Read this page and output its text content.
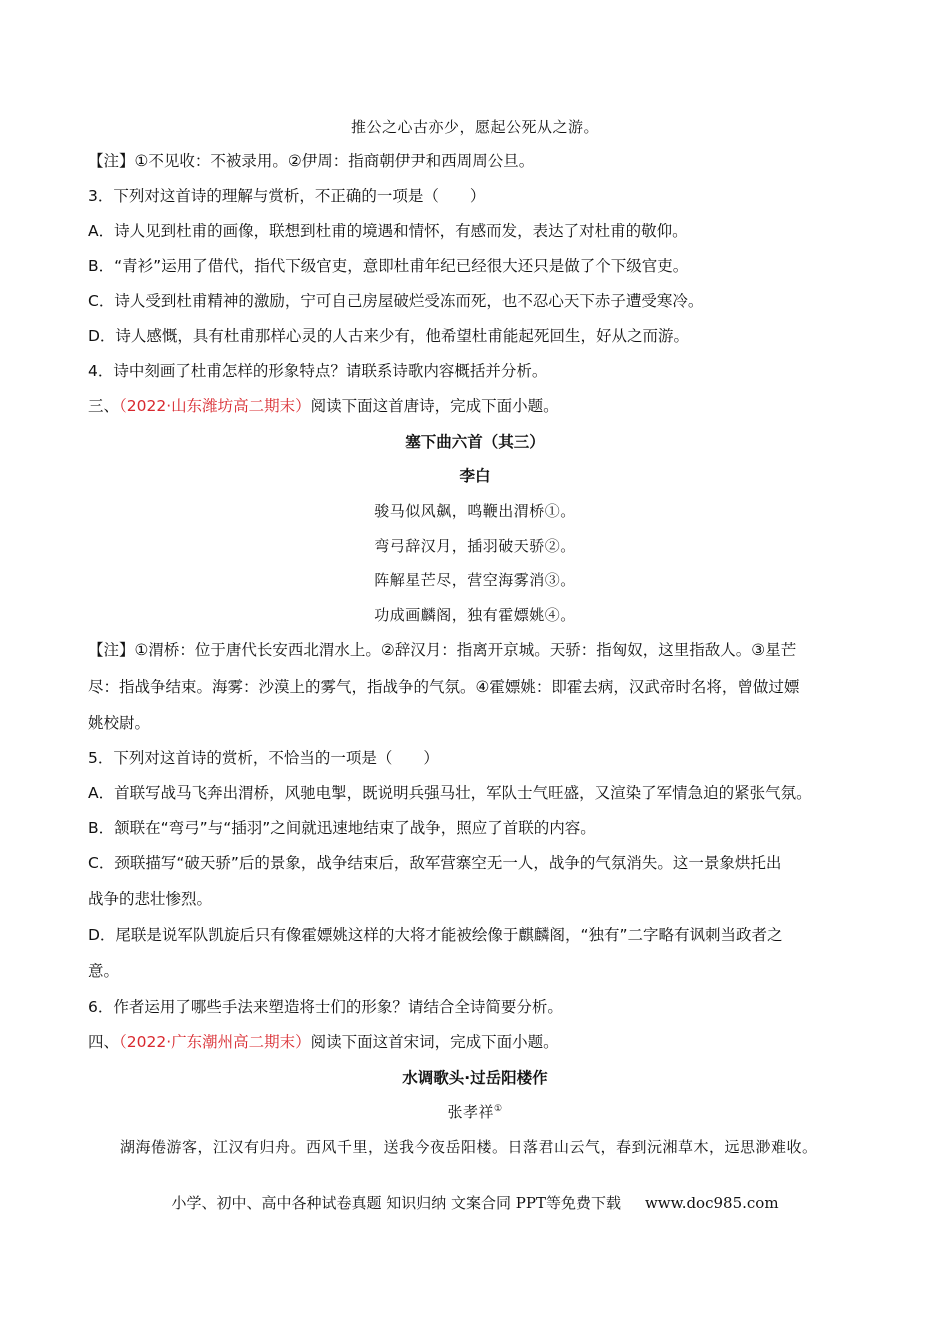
推公之心古亦少，愿起公死从之游。
【注】①不见收：不被录用。②伊周：指商朝伊尹和西周周公旦。
3．下列对这首诗的理解与赏析，不正确的一项是（　　）
A．诗人见到杜甫的画像，联想到杜甫的境遇和情怀，有感而发，表达了对杜甫的敬仰。
B．“青衫”运用了借代，指代下级官吏，意即杜甫年纪已经很大还只是做了个下级官吏。
C．诗人受到杜甫精神的激励，宁可自己房屋破烂受冻而死，也不忍心天下赤子遭受寒冷。
D．诗人感慨，具有杜甫那样心灵的人古来少有，他希望杜甫能起死回生，好从之而游。
4．诗中刻画了杜甫怎样的形象特点？请联系诗歌内容概括并分析。
三、（2022·山东潍坊高二期末）阅读下面这首唐诗，完成下面小题。
塞下曲六首（其三）
李白
骏马似风飙，鸣鞭出渭桥①。
弯弓辞汉月，插羽破天骄②。
阵解星芒尽，营空海雾消③。
功成画麟阁，独有霍嫖姚④。
【注】①渭桥：位于唐代长安西北渭水上。②辞汉月：指离开京城。天骄：指匈奴，这里指敌人。③星芒
尽：指战争结束。海雾：沙漠上的雾气，指战争的气氛。④霍嫖姚：即霍去病，汉武帝时名将，曾做过嫖
姚校尉。
5．下列对这首诗的赏析，不恰当的一项是（　　）
A．首联写战马飞奔出渭桥，风驰电掣，既说明兵强马壮，军队士气旺盛，又渲染了军情急迫的紧张气氛。
B．颔联在“弯弓”与“插羽”之间就迅速地结束了战争，照应了首联的内容。
C．颈联描写“破天骄”后的景象，战争结束后，敌军营寨空无一人，战争的气氛消失。这一景象烘托出
战争的悲壮惨烈。
D．尾联是说军队凯旋后只有像霍嫖姚这样的大将才能被绘像于麒麟阁，“独有”二字略有讽刺当政者之
意。
6．作者运用了哪些手法来塑造将士们的形象？请结合全诗简要分析。
四、（2022·广东潮州高二期末）阅读下面这首宋词，完成下面小题。
水调歌头·过岳阳楼作
张孝祥①
湖海倦游客，江汉有归舟。西风千里，送我今夜岳阳楼。日落君山云气，春到沅湘草木，远思渺难收。
小学、初中、高中各种试卷真题 知识归纳 文案合同 PPT等免费下载 www.doc985.com
